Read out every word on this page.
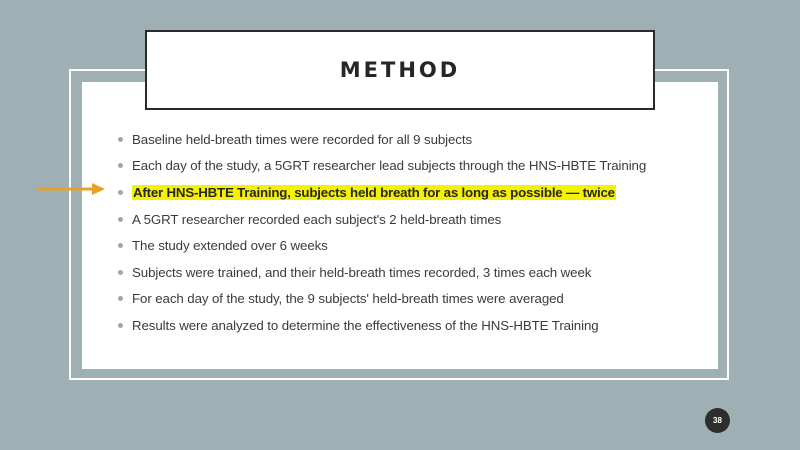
METHOD
Baseline held-breath times were recorded for all 9 subjects
Each day of the study, a 5GRT researcher lead subjects through the HNS-HBTE Training
After HNS-HBTE Training, subjects held breath for as long as possible — twice
A 5GRT researcher recorded each subject's 2 held-breath times
The study extended over 6 weeks
Subjects were trained, and their held-breath times recorded, 3 times each week
For each day of the study, the 9 subjects' held-breath times were averaged
Results were analyzed to determine the effectiveness of the HNS-HBTE Training
38
